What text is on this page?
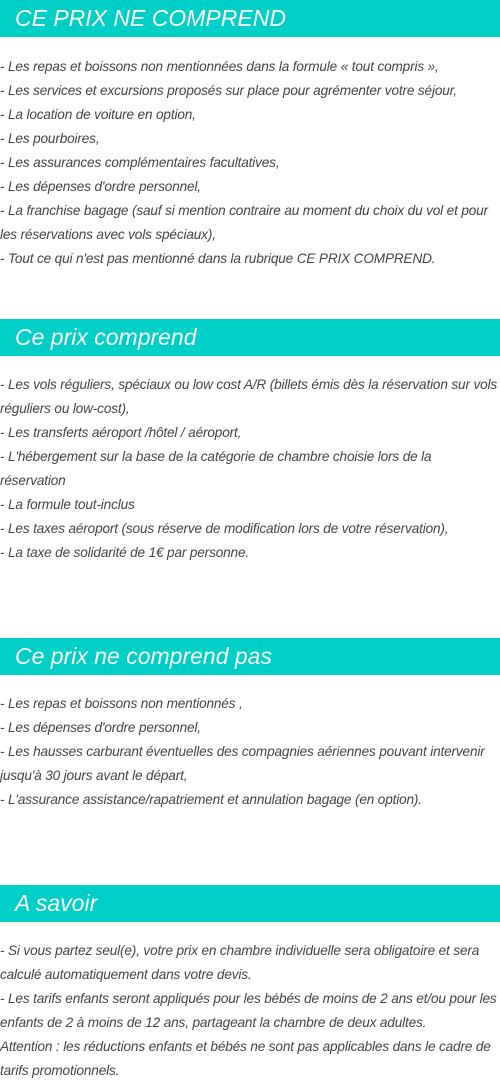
CE PRIX NE COMPREND
- Les repas et boissons non mentionnées dans la formule « tout compris »,
- Les services et excursions proposés sur place pour agrémenter votre séjour,
- La location de voiture en option,
- Les pourboires,
- Les assurances complémentaires facultatives,
- Les dépenses d'ordre personnel,
- La franchise bagage (sauf si mention contraire au moment du choix du vol et pour les réservations avec vols spéciaux),
- Tout ce qui n'est pas mentionné dans la rubrique CE PRIX COMPREND.
Ce prix comprend
- Les vols réguliers, spéciaux ou low cost A/R (billets émis dès la réservation sur vols réguliers ou low-cost),
- Les transferts aéroport /hôtel / aéroport,
- L'hébergement sur la base de la catégorie de chambre choisie lors de la réservation
- La formule tout-inclus
- Les taxes aéroport (sous réserve de modification lors de votre réservation),
- La taxe de solidarité de 1€ par personne.
Ce prix ne comprend pas
- Les repas et boissons non mentionnés ,
- Les dépenses d'ordre personnel,
- Les hausses carburant éventuelles des compagnies aériennes pouvant intervenir jusqu'à 30 jours avant le départ,
- L'assurance assistance/rapatriement et annulation bagage (en option).
A savoir
- Si vous partez seul(e), votre prix en chambre individuelle sera obligatoire et sera calculé automatiquement dans votre devis.
- Les tarifs enfants seront appliqués pour les bébés de moins de 2 ans et/ou pour les enfants de 2 à moins de 12 ans, partageant la chambre de deux adultes.
Attention : les réductions enfants et bébés ne sont pas applicables dans le cadre de tarifs promotionnels.
